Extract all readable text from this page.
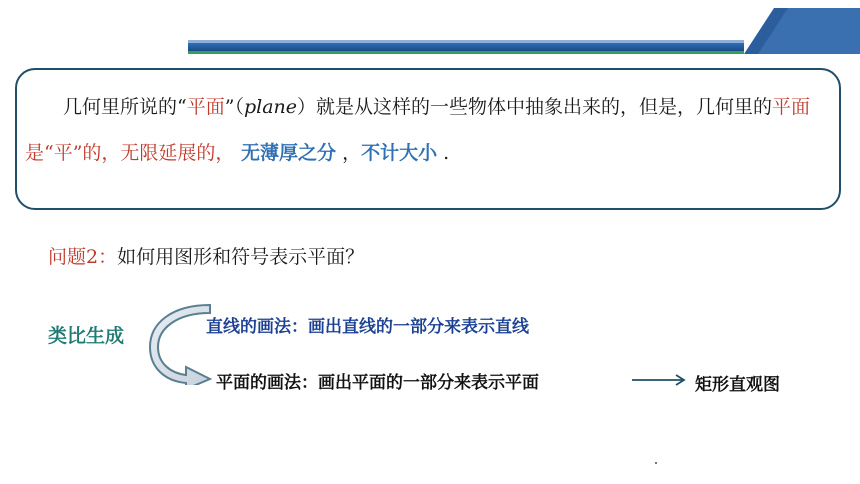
几何里所说的“平面”（plane）就是从这样的一些物体中抽象出来的，但是，几何里的平面是“平”的，无限延展的， 无薄厚之分 ，不计大小 .

问题2：如何用图形和符号表示平面？
类比生成	直线的画法：画出直线的一部分来表示直线
平面的画法：画出平面的一部分来表示平面	矩形直观图
